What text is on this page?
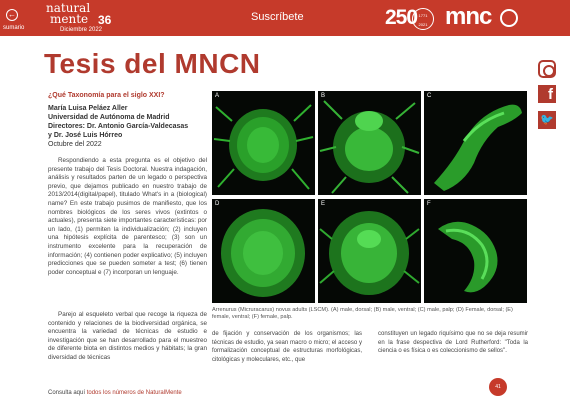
←
sumario
natural
mente 36
Diciembre 2022
Suscríbete	250 1771
2021 mnc
f
🐦
Tesis del MNCN
¿Qué Taxonomía para el siglo XXI?
María Luisa Peláez Aller
Universidad de Autónoma de Madrid
Directores: Dr. Antonio García-Valdecasas
y Dr. José Luis Hórreo
Octubre del 2022
Respondiendo a esta pregunta es el objetivo del presente trabajo del Tesis Doctoral. Nuestra indagación, análisis y resultados parten de un legado o perspectiva previo, que dejamos publicado en nuestro trabajo de 2013/2014(digital/papel), titulado What's in a (biological) name? En este trabajo pusimos de manifiesto, que los nombres biológicos de los seres vivos (extintos o actuales), presenta siete importantes características: por un lado, (1) permiten la individualización; (2) incluyen una hipótesis explícita de parentesco; (3) son un instrumento excelente para la recuperación de información; (4) contienen poder explicativo; (5) incluyen predicciones que se pueden someter a test; (6) tienen poder conceptual e (7) incorporan un lenguaje.
Parejo al esqueleto verbal que recoge la riqueza de contenido y relaciones de la biodiversidad orgánica, se encuentra la variedad de técnicas de estudio e investigación que se han desarrollado para el muestreo de diferente biota en distintos medios y hábitats; la gran diversidad de técnicas
A	B	C
D	E	F
Arrenurus (Micruracarus) novus adults (LSCM). (A) male, dorsal; (B) male, ventral; (C) male, palp; (D) Female, dorsal; (E) female, ventral; (F) female, palp.
de fijación y conservación de los organismos; las técnicas de estudio, ya sean macro o micro; el acceso y formalización conceptual de estructuras morfológicas, citológicas y moleculares, etc., que
constituyen un legado riquísimo que no se deja resumir en la frase despectiva de Lord Rutherford: "Toda la ciencia o es física o es coleccionismo de sellos".
41
Consulta aquí todos los números de NaturalMente
